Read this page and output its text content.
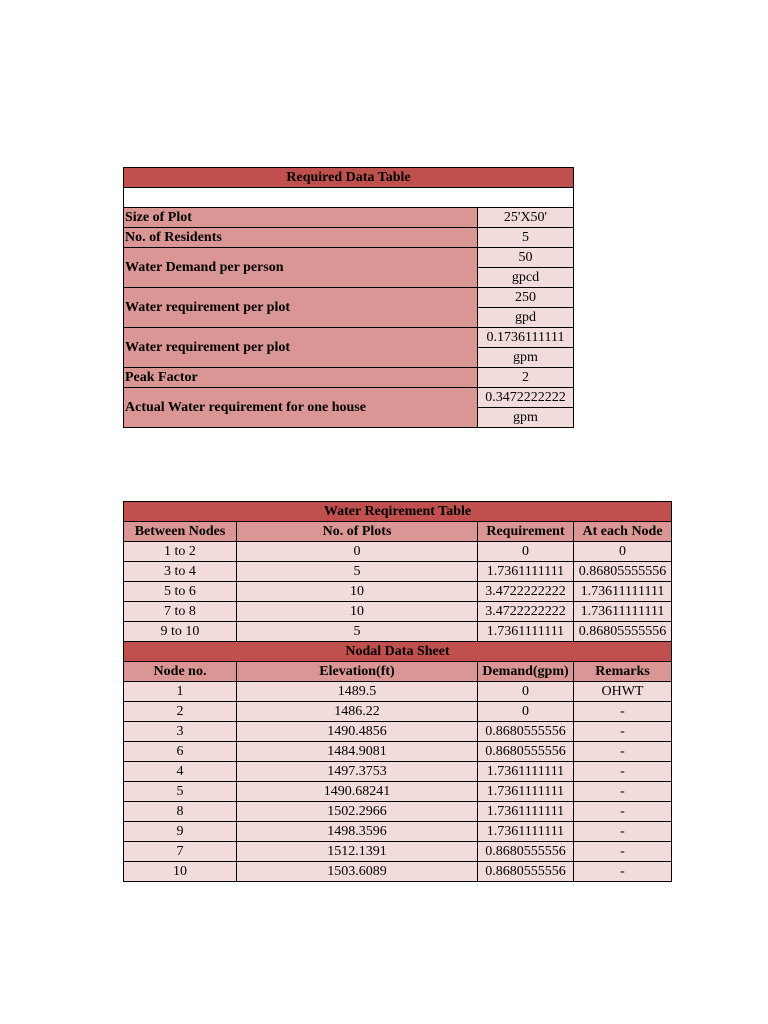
Required Data Table	

Size of Plot	25'X50'
No. of Residents	5
Water Demand per person	50
	gpcd
Water requirement per plot	250
	gpd
Water requirement per plot	0.1736111111
	gpm
Peak Factor	2
Actual Water requirement for one house	0.3472222222
	gpm
Water Reqirement Table			
Between Nodes	No. of Plots	Requirement	At each Node
1 to 2	0	0	0
3 to 4	5	1.7361111111	0.86805555556
5 to 6	10	3.4722222222	1.73611111111
7 to 8	10	3.4722222222	1.73611111111
9 to 10	5	1.7361111111	0.86805555556
Nodal Data Sheet			
Node no.	Elevation(ft)	Demand(gpm)	Remarks
1	1489.5	0	OHWT
2	1486.22	0	-
3	1490.4856	0.8680555556	-
6	1484.9081	0.8680555556	-
4	1497.3753	1.7361111111	-
5	1490.68241	1.7361111111	-
8	1502.2966	1.7361111111	-
9	1498.3596	1.7361111111	-
7	1512.1391	0.8680555556	-
10	1503.6089	0.8680555556	-
